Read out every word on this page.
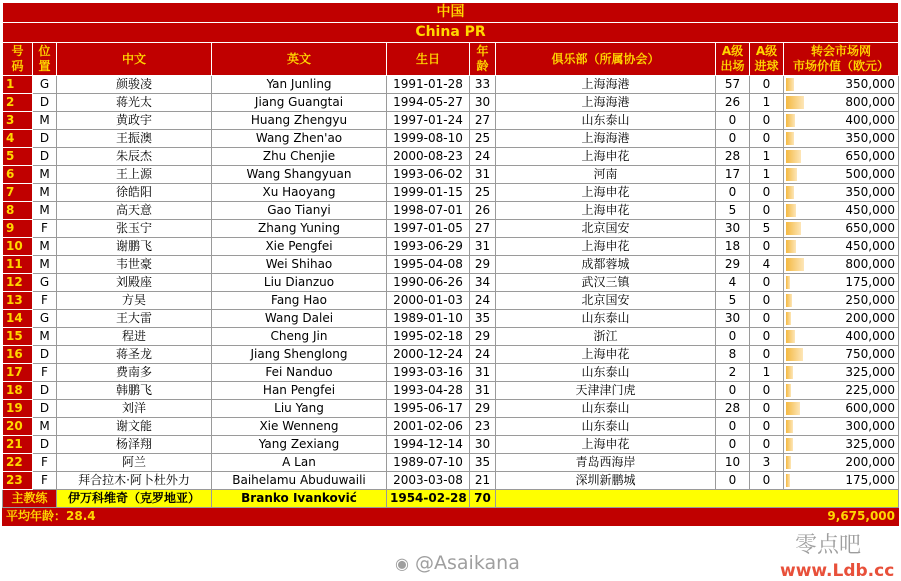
中国									
China PR									
号码	位置	中文	英文	生日	年龄	俱乐部（所属协会）	A级出场	A级进球	转会市场网
市场价值（欧元）

1	G	颜骏凌	Yan Junling	1991-01-28	33	上海海港	57	0	350,000
2	D	蒋光太	Jiang Guangtai	1994-05-27	30	上海海港	26	1	800,000
3	M	黄政宇	Huang Zhengyu	1997-01-24	27	山东泰山	0	0	400,000
4	D	王振澳	Wang Zhen'ao	1999-08-10	25	上海海港	0	0	350,000
5	D	朱辰杰	Zhu Chenjie	2000-08-23	24	上海申花	28	1	650,000
6	M	王上源	Wang Shangyuan	1993-06-02	31	河南	17	1	500,000
7	M	徐皓阳	Xu Haoyang	1999-01-15	25	上海申花	0	0	350,000
8	M	高天意	Gao Tianyi	1998-07-01	26	上海申花	5	0	450,000
9	F	张玉宁	Zhang Yuning	1997-01-05	27	北京国安	30	5	650,000
10	M	谢鹏飞	Xie Pengfei	1993-06-29	31	上海申花	18	0	450,000
11	M	韦世豪	Wei Shihao	1995-04-08	29	成都蓉城	29	4	800,000
12	G	刘殿座	Liu Dianzuo	1990-06-26	34	武汉三镇	4	0	175,000
13	F	方昊	Fang Hao	2000-01-03	24	北京国安	5	0	250,000
14	G	王大雷	Wang Dalei	1989-01-10	35	山东泰山	30	0	200,000
15	M	程进	Cheng Jin	1995-02-18	29	浙江	0	0	400,000
16	D	蒋圣龙	Jiang Shenglong	2000-12-24	24	上海申花	8	0	750,000
17	F	费南多	Fei Nanduo	1993-03-16	31	山东泰山	2	1	325,000
18	D	韩鹏飞	Han Pengfei	1993-04-28	31	天津津门虎	0	0	225,000
19	D	刘洋	Liu Yang	1995-06-17	29	山东泰山	28	0	600,000
20	M	谢文能	Xie Wenneng	2001-02-06	23	山东泰山	0	0	300,000
21	D	杨泽翔	Yang Zexiang	1994-12-14	30	上海申花	0	0	325,000
22	F	阿兰	A Lan	1989-07-10	35	青岛西海岸	10	3	200,000
23	F	拜合拉木·阿卜杜外力	Baihelamu Abuduwaili	2003-03-08	21	深圳新鹏城	0	0	175,000
主教练		伊万科维奇（克罗地亚）	Branko Ivanković	1954-02-28	70				
平均年龄：28.4									9,675,000
◉ @Asaikana
零点吧
www.Ldb.cc
